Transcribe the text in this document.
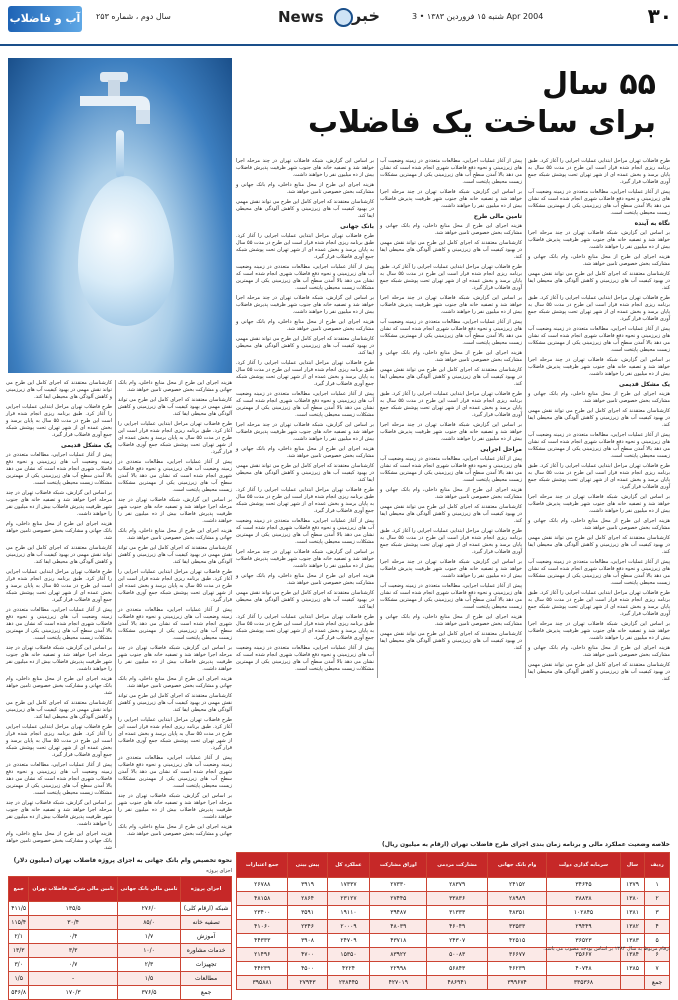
آب و فاضلاب سال دوم ، شماره ۲۵۳	News خبر	شنبه ۱۵ فروردین ۱۳۸۳ • 3 Apr 2004	۳۰
۵۵ سال
برای ساخت یک فاضلاب

طرح فاضلاب تهران مراحل ابتدایی عملیات اجرایی را آغاز کرد. طبق برنامه ریزی انجام شده قرار است این طرح در مدت ۵۵ سال به پایان برسد و بخش عمده ای از شهر تهران تحت پوشش شبکه جمع آوری فاضلاب قرار گیرد.

پیش از آغاز عملیات اجرایی، مطالعات متعددی در زمینه وضعیت آب های زیرزمینی و نحوه دفع فاضلاب شهری انجام شده است که نشان می دهد بالا آمدن سطح آب های زیرزمینی یکی از مهمترین مشکلات زیست محیطی پایتخت است.

نگاه به آینده

بر اساس این گزارش، شبکه فاضلاب تهران در چند مرحله اجرا خواهد شد و تصفیه خانه های جنوب شهر ظرفیت پذیرش فاضلاب بیش از ده میلیون نفر را خواهند داشت.

هزینه اجرای این طرح از محل منابع داخلی، وام بانک جهانی و مشارکت بخش خصوصی تامین خواهد شد.

کارشناسان معتقدند که اجرای کامل این طرح می تواند نقش مهمی در بهبود کیفیت آب های زیرزمینی و کاهش آلودگی های محیطی ایفا کند.

طرح فاضلاب تهران مراحل ابتدایی عملیات اجرایی را آغاز کرد. طبق برنامه ریزی انجام شده قرار است این طرح در مدت ۵۵ سال به پایان برسد و بخش عمده ای از شهر تهران تحت پوشش شبکه جمع آوری فاضلاب قرار گیرد.

پیش از آغاز عملیات اجرایی، مطالعات متعددی در زمینه وضعیت آب های زیرزمینی و نحوه دفع فاضلاب شهری انجام شده است که نشان می دهد بالا آمدن سطح آب های زیرزمینی یکی از مهمترین مشکلات زیست محیطی پایتخت است.

بر اساس این گزارش، شبکه فاضلاب تهران در چند مرحله اجرا خواهد شد و تصفیه خانه های جنوب شهر ظرفیت پذیرش فاضلاب بیش از ده میلیون نفر را خواهند داشت.

یک مشکل قدیمی

هزینه اجرای این طرح از محل منابع داخلی، وام بانک جهانی و مشارکت بخش خصوصی تامین خواهد شد.

کارشناسان معتقدند که اجرای کامل این طرح می تواند نقش مهمی در بهبود کیفیت آب های زیرزمینی و کاهش آلودگی های محیطی ایفا کند.

پیش از آغاز عملیات اجرایی، مطالعات متعددی در زمینه وضعیت آب های زیرزمینی و نحوه دفع فاضلاب شهری انجام شده است که نشان می دهد بالا آمدن سطح آب های زیرزمینی یکی از مهمترین مشکلات زیست محیطی پایتخت است.

طرح فاضلاب تهران مراحل ابتدایی عملیات اجرایی را آغاز کرد. طبق برنامه ریزی انجام شده قرار است این طرح در مدت ۵۵ سال به پایان برسد و بخش عمده ای از شهر تهران تحت پوشش شبکه جمع آوری فاضلاب قرار گیرد.

بر اساس این گزارش، شبکه فاضلاب تهران در چند مرحله اجرا خواهد شد و تصفیه خانه های جنوب شهر ظرفیت پذیرش فاضلاب بیش از ده میلیون نفر را خواهند داشت.

هزینه اجرای این طرح از محل منابع داخلی، وام بانک جهانی و مشارکت بخش خصوصی تامین خواهد شد.

کارشناسان معتقدند که اجرای کامل این طرح می تواند نقش مهمی در بهبود کیفیت آب های زیرزمینی و کاهش آلودگی های محیطی ایفا کند.

پیش از آغاز عملیات اجرایی، مطالعات متعددی در زمینه وضعیت آب های زیرزمینی و نحوه دفع فاضلاب شهری انجام شده است که نشان می دهد بالا آمدن سطح آب های زیرزمینی یکی از مهمترین مشکلات زیست محیطی پایتخت است.

طرح فاضلاب تهران مراحل ابتدایی عملیات اجرایی را آغاز کرد. طبق برنامه ریزی انجام شده قرار است این طرح در مدت ۵۵ سال به پایان برسد و بخش عمده ای از شهر تهران تحت پوشش شبکه جمع آوری فاضلاب قرار گیرد.

بر اساس این گزارش، شبکه فاضلاب تهران در چند مرحله اجرا خواهد شد و تصفیه خانه های جنوب شهر ظرفیت پذیرش فاضلاب بیش از ده میلیون نفر را خواهند داشت.

هزینه اجرای این طرح از محل منابع داخلی، وام بانک جهانی و مشارکت بخش خصوصی تامین خواهد شد.

کارشناسان معتقدند که اجرای کامل این طرح می تواند نقش مهمی در بهبود کیفیت آب های زیرزمینی و کاهش آلودگی های محیطی ایفا کند.

پیش از آغاز عملیات اجرایی، مطالعات متعددی در زمینه وضعیت آب های زیرزمینی و نحوه دفع فاضلاب شهری انجام شده است که نشان می دهد بالا آمدن سطح آب های زیرزمینی یکی از مهمترین مشکلات زیست محیطی پایتخت است.

بر اساس این گزارش، شبکه فاضلاب تهران در چند مرحله اجرا خواهد شد و تصفیه خانه های جنوب شهر ظرفیت پذیرش فاضلاب بیش از ده میلیون نفر را خواهند داشت.

تامین مالی طرح

هزینه اجرای این طرح از محل منابع داخلی، وام بانک جهانی و مشارکت بخش خصوصی تامین خواهد شد.

کارشناسان معتقدند که اجرای کامل این طرح می تواند نقش مهمی در بهبود کیفیت آب های زیرزمینی و کاهش آلودگی های محیطی ایفا کند.

طرح فاضلاب تهران مراحل ابتدایی عملیات اجرایی را آغاز کرد. طبق برنامه ریزی انجام شده قرار است این طرح در مدت ۵۵ سال به پایان برسد و بخش عمده ای از شهر تهران تحت پوشش شبکه جمع آوری فاضلاب قرار گیرد.

بر اساس این گزارش، شبکه فاضلاب تهران در چند مرحله اجرا خواهد شد و تصفیه خانه های جنوب شهر ظرفیت پذیرش فاضلاب بیش از ده میلیون نفر را خواهند داشت.

پیش از آغاز عملیات اجرایی، مطالعات متعددی در زمینه وضعیت آب های زیرزمینی و نحوه دفع فاضلاب شهری انجام شده است که نشان می دهد بالا آمدن سطح آب های زیرزمینی یکی از مهمترین مشکلات زیست محیطی پایتخت است.

هزینه اجرای این طرح از محل منابع داخلی، وام بانک جهانی و مشارکت بخش خصوصی تامین خواهد شد.

کارشناسان معتقدند که اجرای کامل این طرح می تواند نقش مهمی در بهبود کیفیت آب های زیرزمینی و کاهش آلودگی های محیطی ایفا کند.

طرح فاضلاب تهران مراحل ابتدایی عملیات اجرایی را آغاز کرد. طبق برنامه ریزی انجام شده قرار است این طرح در مدت ۵۵ سال به پایان برسد و بخش عمده ای از شهر تهران تحت پوشش شبکه جمع آوری فاضلاب قرار گیرد.

بر اساس این گزارش، شبکه فاضلاب تهران در چند مرحله اجرا خواهد شد و تصفیه خانه های جنوب شهر ظرفیت پذیرش فاضلاب بیش از ده میلیون نفر را خواهند داشت.

مراحل اجرایی

پیش از آغاز عملیات اجرایی، مطالعات متعددی در زمینه وضعیت آب های زیرزمینی و نحوه دفع فاضلاب شهری انجام شده است که نشان می دهد بالا آمدن سطح آب های زیرزمینی یکی از مهمترین مشکلات زیست محیطی پایتخت است.

هزینه اجرای این طرح از محل منابع داخلی، وام بانک جهانی و مشارکت بخش خصوصی تامین خواهد شد.

کارشناسان معتقدند که اجرای کامل این طرح می تواند نقش مهمی در بهبود کیفیت آب های زیرزمینی و کاهش آلودگی های محیطی ایفا کند.

طرح فاضلاب تهران مراحل ابتدایی عملیات اجرایی را آغاز کرد. طبق برنامه ریزی انجام شده قرار است این طرح در مدت ۵۵ سال به پایان برسد و بخش عمده ای از شهر تهران تحت پوشش شبکه جمع آوری فاضلاب قرار گیرد.

بر اساس این گزارش، شبکه فاضلاب تهران در چند مرحله اجرا خواهد شد و تصفیه خانه های جنوب شهر ظرفیت پذیرش فاضلاب بیش از ده میلیون نفر را خواهند داشت.

پیش از آغاز عملیات اجرایی، مطالعات متعددی در زمینه وضعیت آب های زیرزمینی و نحوه دفع فاضلاب شهری انجام شده است که نشان می دهد بالا آمدن سطح آب های زیرزمینی یکی از مهمترین مشکلات زیست محیطی پایتخت است.

هزینه اجرای این طرح از محل منابع داخلی، وام بانک جهانی و مشارکت بخش خصوصی تامین خواهد شد.

کارشناسان معتقدند که اجرای کامل این طرح می تواند نقش مهمی در بهبود کیفیت آب های زیرزمینی و کاهش آلودگی های محیطی ایفا کند.

بر اساس این گزارش، شبکه فاضلاب تهران در چند مرحله اجرا خواهد شد و تصفیه خانه های جنوب شهر ظرفیت پذیرش فاضلاب بیش از ده میلیون نفر را خواهند داشت.

هزینه اجرای این طرح از محل منابع داخلی، وام بانک جهانی و مشارکت بخش خصوصی تامین خواهد شد.

کارشناسان معتقدند که اجرای کامل این طرح می تواند نقش مهمی در بهبود کیفیت آب های زیرزمینی و کاهش آلودگی های محیطی ایفا کند.

بانک جهانی

طرح فاضلاب تهران مراحل ابتدایی عملیات اجرایی را آغاز کرد. طبق برنامه ریزی انجام شده قرار است این طرح در مدت ۵۵ سال به پایان برسد و بخش عمده ای از شهر تهران تحت پوشش شبکه جمع آوری فاضلاب قرار گیرد.

پیش از آغاز عملیات اجرایی، مطالعات متعددی در زمینه وضعیت آب های زیرزمینی و نحوه دفع فاضلاب شهری انجام شده است که نشان می دهد بالا آمدن سطح آب های زیرزمینی یکی از مهمترین مشکلات زیست محیطی پایتخت است.

بر اساس این گزارش، شبکه فاضلاب تهران در چند مرحله اجرا خواهد شد و تصفیه خانه های جنوب شهر ظرفیت پذیرش فاضلاب بیش از ده میلیون نفر را خواهند داشت.

هزینه اجرای این طرح از محل منابع داخلی، وام بانک جهانی و مشارکت بخش خصوصی تامین خواهد شد.

کارشناسان معتقدند که اجرای کامل این طرح می تواند نقش مهمی در بهبود کیفیت آب های زیرزمینی و کاهش آلودگی های محیطی ایفا کند.

طرح فاضلاب تهران مراحل ابتدایی عملیات اجرایی را آغاز کرد. طبق برنامه ریزی انجام شده قرار است این طرح در مدت ۵۵ سال به پایان برسد و بخش عمده ای از شهر تهران تحت پوشش شبکه جمع آوری فاضلاب قرار گیرد.

پیش از آغاز عملیات اجرایی، مطالعات متعددی در زمینه وضعیت آب های زیرزمینی و نحوه دفع فاضلاب شهری انجام شده است که نشان می دهد بالا آمدن سطح آب های زیرزمینی یکی از مهمترین مشکلات زیست محیطی پایتخت است.

بر اساس این گزارش، شبکه فاضلاب تهران در چند مرحله اجرا خواهد شد و تصفیه خانه های جنوب شهر ظرفیت پذیرش فاضلاب بیش از ده میلیون نفر را خواهند داشت.

هزینه اجرای این طرح از محل منابع داخلی، وام بانک جهانی و مشارکت بخش خصوصی تامین خواهد شد.

کارشناسان معتقدند که اجرای کامل این طرح می تواند نقش مهمی در بهبود کیفیت آب های زیرزمینی و کاهش آلودگی های محیطی ایفا کند.

طرح فاضلاب تهران مراحل ابتدایی عملیات اجرایی را آغاز کرد. طبق برنامه ریزی انجام شده قرار است این طرح در مدت ۵۵ سال به پایان برسد و بخش عمده ای از شهر تهران تحت پوشش شبکه جمع آوری فاضلاب قرار گیرد.

پیش از آغاز عملیات اجرایی، مطالعات متعددی در زمینه وضعیت آب های زیرزمینی و نحوه دفع فاضلاب شهری انجام شده است که نشان می دهد بالا آمدن سطح آب های زیرزمینی یکی از مهمترین مشکلات زیست محیطی پایتخت است.

بر اساس این گزارش، شبکه فاضلاب تهران در چند مرحله اجرا خواهد شد و تصفیه خانه های جنوب شهر ظرفیت پذیرش فاضلاب بیش از ده میلیون نفر را خواهند داشت.

هزینه اجرای این طرح از محل منابع داخلی، وام بانک جهانی و مشارکت بخش خصوصی تامین خواهد شد.

کارشناسان معتقدند که اجرای کامل این طرح می تواند نقش مهمی در بهبود کیفیت آب های زیرزمینی و کاهش آلودگی های محیطی ایفا کند.

طرح فاضلاب تهران مراحل ابتدایی عملیات اجرایی را آغاز کرد. طبق برنامه ریزی انجام شده قرار است این طرح در مدت ۵۵ سال به پایان برسد و بخش عمده ای از شهر تهران تحت پوشش شبکه جمع آوری فاضلاب قرار گیرد.

پیش از آغاز عملیات اجرایی، مطالعات متعددی در زمینه وضعیت آب های زیرزمینی و نحوه دفع فاضلاب شهری انجام شده است که نشان می دهد بالا آمدن سطح آب های زیرزمینی یکی از مهمترین مشکلات زیست محیطی پایتخت است.

هزینه اجرای این طرح از محل منابع داخلی، وام بانک جهانی و مشارکت بخش خصوصی تامین خواهد شد.

کارشناسان معتقدند که اجرای کامل این طرح می تواند نقش مهمی در بهبود کیفیت آب های زیرزمینی و کاهش آلودگی های محیطی ایفا کند.

طرح فاضلاب تهران مراحل ابتدایی عملیات اجرایی را آغاز کرد. طبق برنامه ریزی انجام شده قرار است این طرح در مدت ۵۵ سال به پایان برسد و بخش عمده ای از شهر تهران تحت پوشش شبکه جمع آوری فاضلاب قرار گیرد.

پیش از آغاز عملیات اجرایی، مطالعات متعددی در زمینه وضعیت آب های زیرزمینی و نحوه دفع فاضلاب شهری انجام شده است که نشان می دهد بالا آمدن سطح آب های زیرزمینی یکی از مهمترین مشکلات زیست محیطی پایتخت است.

بر اساس این گزارش، شبکه فاضلاب تهران در چند مرحله اجرا خواهد شد و تصفیه خانه های جنوب شهر ظرفیت پذیرش فاضلاب بیش از ده میلیون نفر را خواهند داشت.

هزینه اجرای این طرح از محل منابع داخلی، وام بانک جهانی و مشارکت بخش خصوصی تامین خواهد شد.

کارشناسان معتقدند که اجرای کامل این طرح می تواند نقش مهمی در بهبود کیفیت آب های زیرزمینی و کاهش آلودگی های محیطی ایفا کند.

طرح فاضلاب تهران مراحل ابتدایی عملیات اجرایی را آغاز کرد. طبق برنامه ریزی انجام شده قرار است این طرح در مدت ۵۵ سال به پایان برسد و بخش عمده ای از شهر تهران تحت پوشش شبکه جمع آوری فاضلاب قرار گیرد.

پیش از آغاز عملیات اجرایی، مطالعات متعددی در زمینه وضعیت آب های زیرزمینی و نحوه دفع فاضلاب شهری انجام شده است که نشان می دهد بالا آمدن سطح آب های زیرزمینی یکی از مهمترین مشکلات زیست محیطی پایتخت است.

بر اساس این گزارش، شبکه فاضلاب تهران در چند مرحله اجرا خواهد شد و تصفیه خانه های جنوب شهر ظرفیت پذیرش فاضلاب بیش از ده میلیون نفر را خواهند داشت.

هزینه اجرای این طرح از محل منابع داخلی، وام بانک جهانی و مشارکت بخش خصوصی تامین خواهد شد.

کارشناسان معتقدند که اجرای کامل این طرح می تواند نقش مهمی در بهبود کیفیت آب های زیرزمینی و کاهش آلودگی های محیطی ایفا کند.

طرح فاضلاب تهران مراحل ابتدایی عملیات اجرایی را آغاز کرد. طبق برنامه ریزی انجام شده قرار است این طرح در مدت ۵۵ سال به پایان برسد و بخش عمده ای از شهر تهران تحت پوشش شبکه جمع آوری فاضلاب قرار گیرد.

پیش از آغاز عملیات اجرایی، مطالعات متعددی در زمینه وضعیت آب های زیرزمینی و نحوه دفع فاضلاب شهری انجام شده است که نشان می دهد بالا آمدن سطح آب های زیرزمینی یکی از مهمترین مشکلات زیست محیطی پایتخت است.

بر اساس این گزارش، شبکه فاضلاب تهران در چند مرحله اجرا خواهد شد و تصفیه خانه های جنوب شهر ظرفیت پذیرش فاضلاب بیش از ده میلیون نفر را خواهند داشت.

هزینه اجرای این طرح از محل منابع داخلی، وام بانک جهانی و مشارکت بخش خصوصی تامین خواهد شد.

کارشناسان معتقدند که اجرای کامل این طرح می تواند نقش مهمی در بهبود کیفیت آب های زیرزمینی و کاهش آلودگی های محیطی ایفا کند.

طرح فاضلاب تهران مراحل ابتدایی عملیات اجرایی را آغاز کرد. طبق برنامه ریزی انجام شده قرار است این طرح در مدت ۵۵ سال به پایان برسد و بخش عمده ای از شهر تهران تحت پوشش شبکه جمع آوری فاضلاب قرار گیرد.

یک مشکل قدیمی

پیش از آغاز عملیات اجرایی، مطالعات متعددی در زمینه وضعیت آب های زیرزمینی و نحوه دفع فاضلاب شهری انجام شده است که نشان می دهد بالا آمدن سطح آب های زیرزمینی یکی از مهمترین مشکلات زیست محیطی پایتخت است.

بر اساس این گزارش، شبکه فاضلاب تهران در چند مرحله اجرا خواهد شد و تصفیه خانه های جنوب شهر ظرفیت پذیرش فاضلاب بیش از ده میلیون نفر را خواهند داشت.

هزینه اجرای این طرح از محل منابع داخلی، وام بانک جهانی و مشارکت بخش خصوصی تامین خواهد شد.

کارشناسان معتقدند که اجرای کامل این طرح می تواند نقش مهمی در بهبود کیفیت آب های زیرزمینی و کاهش آلودگی های محیطی ایفا کند.

طرح فاضلاب تهران مراحل ابتدایی عملیات اجرایی را آغاز کرد. طبق برنامه ریزی انجام شده قرار است این طرح در مدت ۵۵ سال به پایان برسد و بخش عمده ای از شهر تهران تحت پوشش شبکه جمع آوری فاضلاب قرار گیرد.

پیش از آغاز عملیات اجرایی، مطالعات متعددی در زمینه وضعیت آب های زیرزمینی و نحوه دفع فاضلاب شهری انجام شده است که نشان می دهد بالا آمدن سطح آب های زیرزمینی یکی از مهمترین مشکلات زیست محیطی پایتخت است.

بر اساس این گزارش، شبکه فاضلاب تهران در چند مرحله اجرا خواهد شد و تصفیه خانه های جنوب شهر ظرفیت پذیرش فاضلاب بیش از ده میلیون نفر را خواهند داشت.

هزینه اجرای این طرح از محل منابع داخلی، وام بانک جهانی و مشارکت بخش خصوصی تامین خواهد شد.

کارشناسان معتقدند که اجرای کامل این طرح می تواند نقش مهمی در بهبود کیفیت آب های زیرزمینی و کاهش آلودگی های محیطی ایفا کند.

طرح فاضلاب تهران مراحل ابتدایی عملیات اجرایی را آغاز کرد. طبق برنامه ریزی انجام شده قرار است این طرح در مدت ۵۵ سال به پایان برسد و بخش عمده ای از شهر تهران تحت پوشش شبکه جمع آوری فاضلاب قرار گیرد.

پیش از آغاز عملیات اجرایی، مطالعات متعددی در زمینه وضعیت آب های زیرزمینی و نحوه دفع فاضلاب شهری انجام شده است که نشان می دهد بالا آمدن سطح آب های زیرزمینی یکی از مهمترین مشکلات زیست محیطی پایتخت است.

بر اساس این گزارش، شبکه فاضلاب تهران در چند مرحله اجرا خواهد شد و تصفیه خانه های جنوب شهر ظرفیت پذیرش فاضلاب بیش از ده میلیون نفر را خواهند داشت.

هزینه اجرای این طرح از محل منابع داخلی، وام بانک جهانی و مشارکت بخش خصوصی تامین خواهد شد.

نحوه تخصیص وام بانک جهانی به اجزای پروژه فاضلاب تهران (میلیون دلار)
اجزای پروژه
اجزای پروژه	تامین مالی بانک جهانی	تامین مالی شرکت فاضلاب تهران	جمع
شبکه (ارقام کلی)	۲۷۶/۰	۱۳۵/۵	۴۱۱/۵
تصفیه خانه	۸۵/۰	۳۰/۴	۱۱۵/۴
آموزش	۱/۷	۰/۴	۲/۱
خدمات مشاوره	۱۰/۰	۳/۳	۱۳/۳
تجهیزات	۲/۳	۰/۷	۳/۰
مطالعات	۱/۵	-	۱/۵
جمع	۳۷۶/۵	۱۷۰/۳	۵۴۶/۸
خلاصه وضعیت عملکرد مالی و برنامه زمان بندی اجرای طرح فاضلاب تهران (ارقام به میلیون ریال)
ردیف	سال	سرمایه گذاری دولت	وام بانک جهانی	مشارکت مردمی	اوراق مشارکت	عملکرد کل	پیش بینی	جمع اعتبارات
۱	۱۳۷۹	۳۴۶۴۵	۲۴۱۵۲	۲۸۳۷۹	۲۷۳۳۰	۱۷۳۳۷	۳۹۱۹	۲۶۷۸۸
۲	۱۳۸۰	۳۸۸۳۸	۲۸۹۸۹	۳۳۸۳۶	۲۷۴۴۵	۲۳۱۲۷	۲۸۶۴	۴۸۱۵۸
۳	۱۳۸۱	۱۰۲۸۴۵	۴۸۳۵۱	۳۱۳۳۳	۳۹۴۸۷	۱۹۱۱۰	۳۵۹۱	۲۳۴۰۰
۴	۱۳۸۲	۲۹۴۴۹	۳۳۵۳۳	۴۶۰۴۹	۴۸۰۳۹	۲۰۰۰۹	۲۳۴۶	۴۱۰۶۰
۵	۱۳۸۳	۳۶۵۲۳	۴۲۵۱۵	۲۴۳۰۷	۴۳۷۱۸	۲۴۷۰۹	۳۹۰۸	۴۴۳۳۳
۶	۱۳۸۴	۳۵۶۶۷	۳۶۶۷۷	۵۰۰۸۳	۸۳۹۲۲	۱۵۳۵۰	۴۷۰۰	۲۱۴۹۶
۷	۱۳۸۵	۴۰۷۴۸	۴۶۲۳۹	۵۶۸۴۳	۲۲۹۹۸	۴۲۲۴	۴۵۰۰	۴۴۲۳۹
جمع		۳۳۵۳۶۸	۳۹۹۶۷۴	۴۸۶۹۴۱	۴۲۷۰۱۹	۲۳۸۴۴۵	۲۷۹۴۳	۳۹۵۸۸۱
ارقام مربوط به سال ۱۳۸۳ بر اساس بودجه مصوب می باشد.
